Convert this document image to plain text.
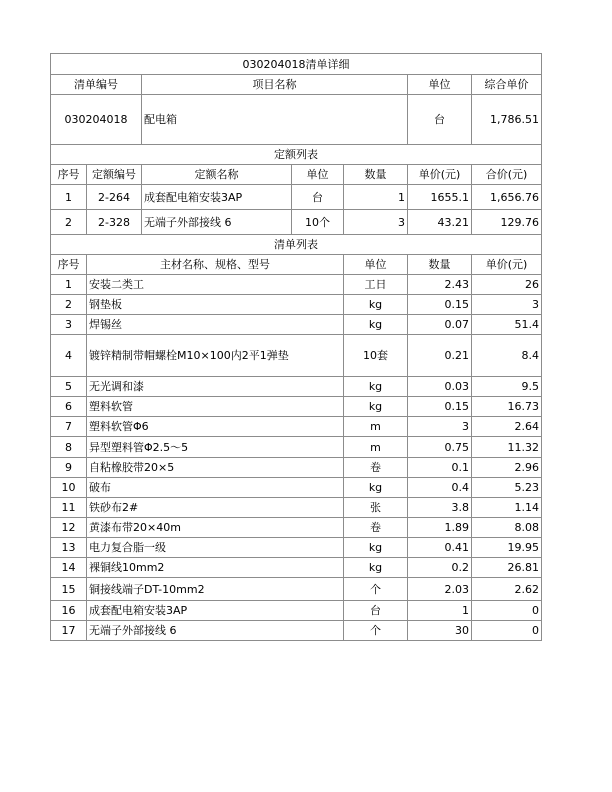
030204018清单详细							
清单编号		项目名称			单位	综合单价	
030204018		配电箱			台	1,786.51	
定额列表							
序号	定额编号	定额名称	单位	数量	单价(元)	合价(元)	
1	2-264	成套配电箱安装3AP	台	1	1655.1	1,656.76	
2	2-328	无端子外部接线 6	10个	3	43.21	129.76	
清单列表							
序号	主材名称、规格、型号			单位	数量	单价(元)	
1	安装二类工			工日	2.43	26	
2	钢垫板			kg	0.15	3	
3	焊锡丝			kg	0.07	51.4	
4	镀锌精制带帽螺栓M10×100内2平1弹垫			10套	0.21	8.4	
5	无光调和漆			kg	0.03	9.5	
6	塑料软管			kg	0.15	16.73	
7	塑料软管Φ6			m	3	2.64	
8	异型塑料管Φ2.5～5			m	0.75	11.32	
9	自粘橡胶带20×5			卷	0.1	2.96	
10	破布			kg	0.4	5.23	
11	铁砂布2#			张	3.8	1.14	
12	黄漆布带20×40m			卷	1.89	8.08	
13	电力复合脂一级			kg	0.41	19.95	
14	裸铜线10mm2			kg	0.2	26.81	
15	铜接线端子DT-10mm2			个	2.03	2.62	
16	成套配电箱安装3AP			台	1	0	
17	无端子外部接线 6			个	30	0	
